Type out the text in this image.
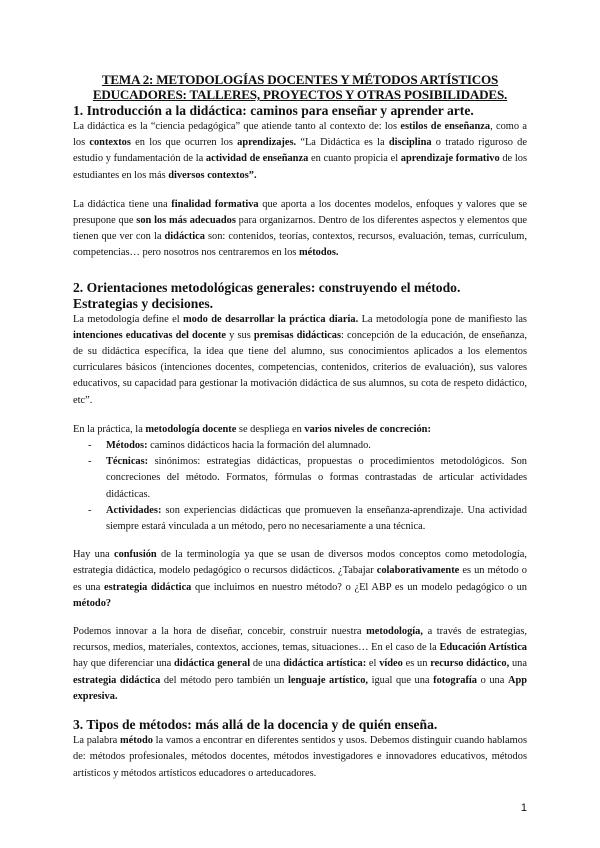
TEMA 2: METODOLOGÍAS DOCENTES Y MÉTODOS ARTÍSTICOS
EDUCADORES: TALLERES, PROYECTOS Y OTRAS POSIBILIDADES.
1. Introducción a la didáctica: caminos para enseñar y aprender arte.

La didáctica es la “ciencia pedagógica” que atiende tanto al contexto de: los estilos de enseñanza, como a los contextos en los que ocurren los aprendizajes. “La Didáctica es la disciplina o tratado riguroso de estudio y fundamentación de la actividad de enseñanza en cuanto propicia el aprendizaje formativo de los estudiantes en los más diversos contextos”.

La didáctica tiene una finalidad formativa que aporta a los docentes modelos, enfoques y valores que se presupone que son los más adecuados para organizarnos. Dentro de los diferentes aspectos y elementos que tienen que ver con la didáctica son: contenidos, teorías, contextos, recursos, evaluación, temas, currículum, competencias… pero nosotros nos centraremos en los métodos.

2. Orientaciones metodológicas generales: construyendo el método. Estrategias y decisiones.

La metodología define el modo de desarrollar la práctica diaria. La metodología pone de manifiesto las intenciones educativas del docente y sus premisas didácticas: concepción de la educación, de enseñanza, de su didáctica específica, la idea que tiene del alumno, sus conocimientos aplicados a los elementos curriculares básicos (intenciones docentes, competencias, contenidos, criterios de evaluación), sus valores educativos, su capacidad para gestionar la motivación didáctica de sus alumnos, su cota de respeto didáctico, etc”.

En la práctica, la metodología docente se despliega en varios niveles de concreción:

- Métodos: caminos didácticos hacia la formación del alumnado.
- Técnicas: sinónimos: estrategias didácticas, propuestas o procedimientos metodológicos. Son concreciones del método. Formatos, fórmulas o formas contrastadas de articular actividades didácticas.
- Actividades: son experiencias didácticas que promueven la enseñanza-aprendizaje. Una actividad siempre estará vinculada a un método, pero no necesariamente a una técnica.

Hay una confusión de la terminología ya que se usan de diversos modos conceptos como metodología, estrategia didáctica, modelo pedagógico o recursos didácticos. ¿Tabajar colaborativamente es un método o es una estrategia didáctica que incluimos en nuestro método? o ¿El ABP es un modelo pedagógico o un método?

Podemos innovar a la hora de diseñar, concebir, construir nuestra metodología, a través de estrategias, recursos, medios, materiales, contextos, acciones, temas, situaciones… En el caso de la Educación Artística hay que diferenciar una didáctica general de una didáctica artística: el vídeo es un recurso didáctico, una estrategia didáctica del método pero también un lenguaje artístico, igual que una fotografía o una App expresiva.

3. Tipos de métodos: más allá de la docencia y de quién enseña.

La palabra método la vamos a encontrar en diferentes sentidos y usos. Debemos distinguir cuando hablamos de: métodos profesionales, métodos docentes, métodos investigadores e innovadores educativos, métodos artísticos y métodos artísticos educadores o arteducadores.

1
